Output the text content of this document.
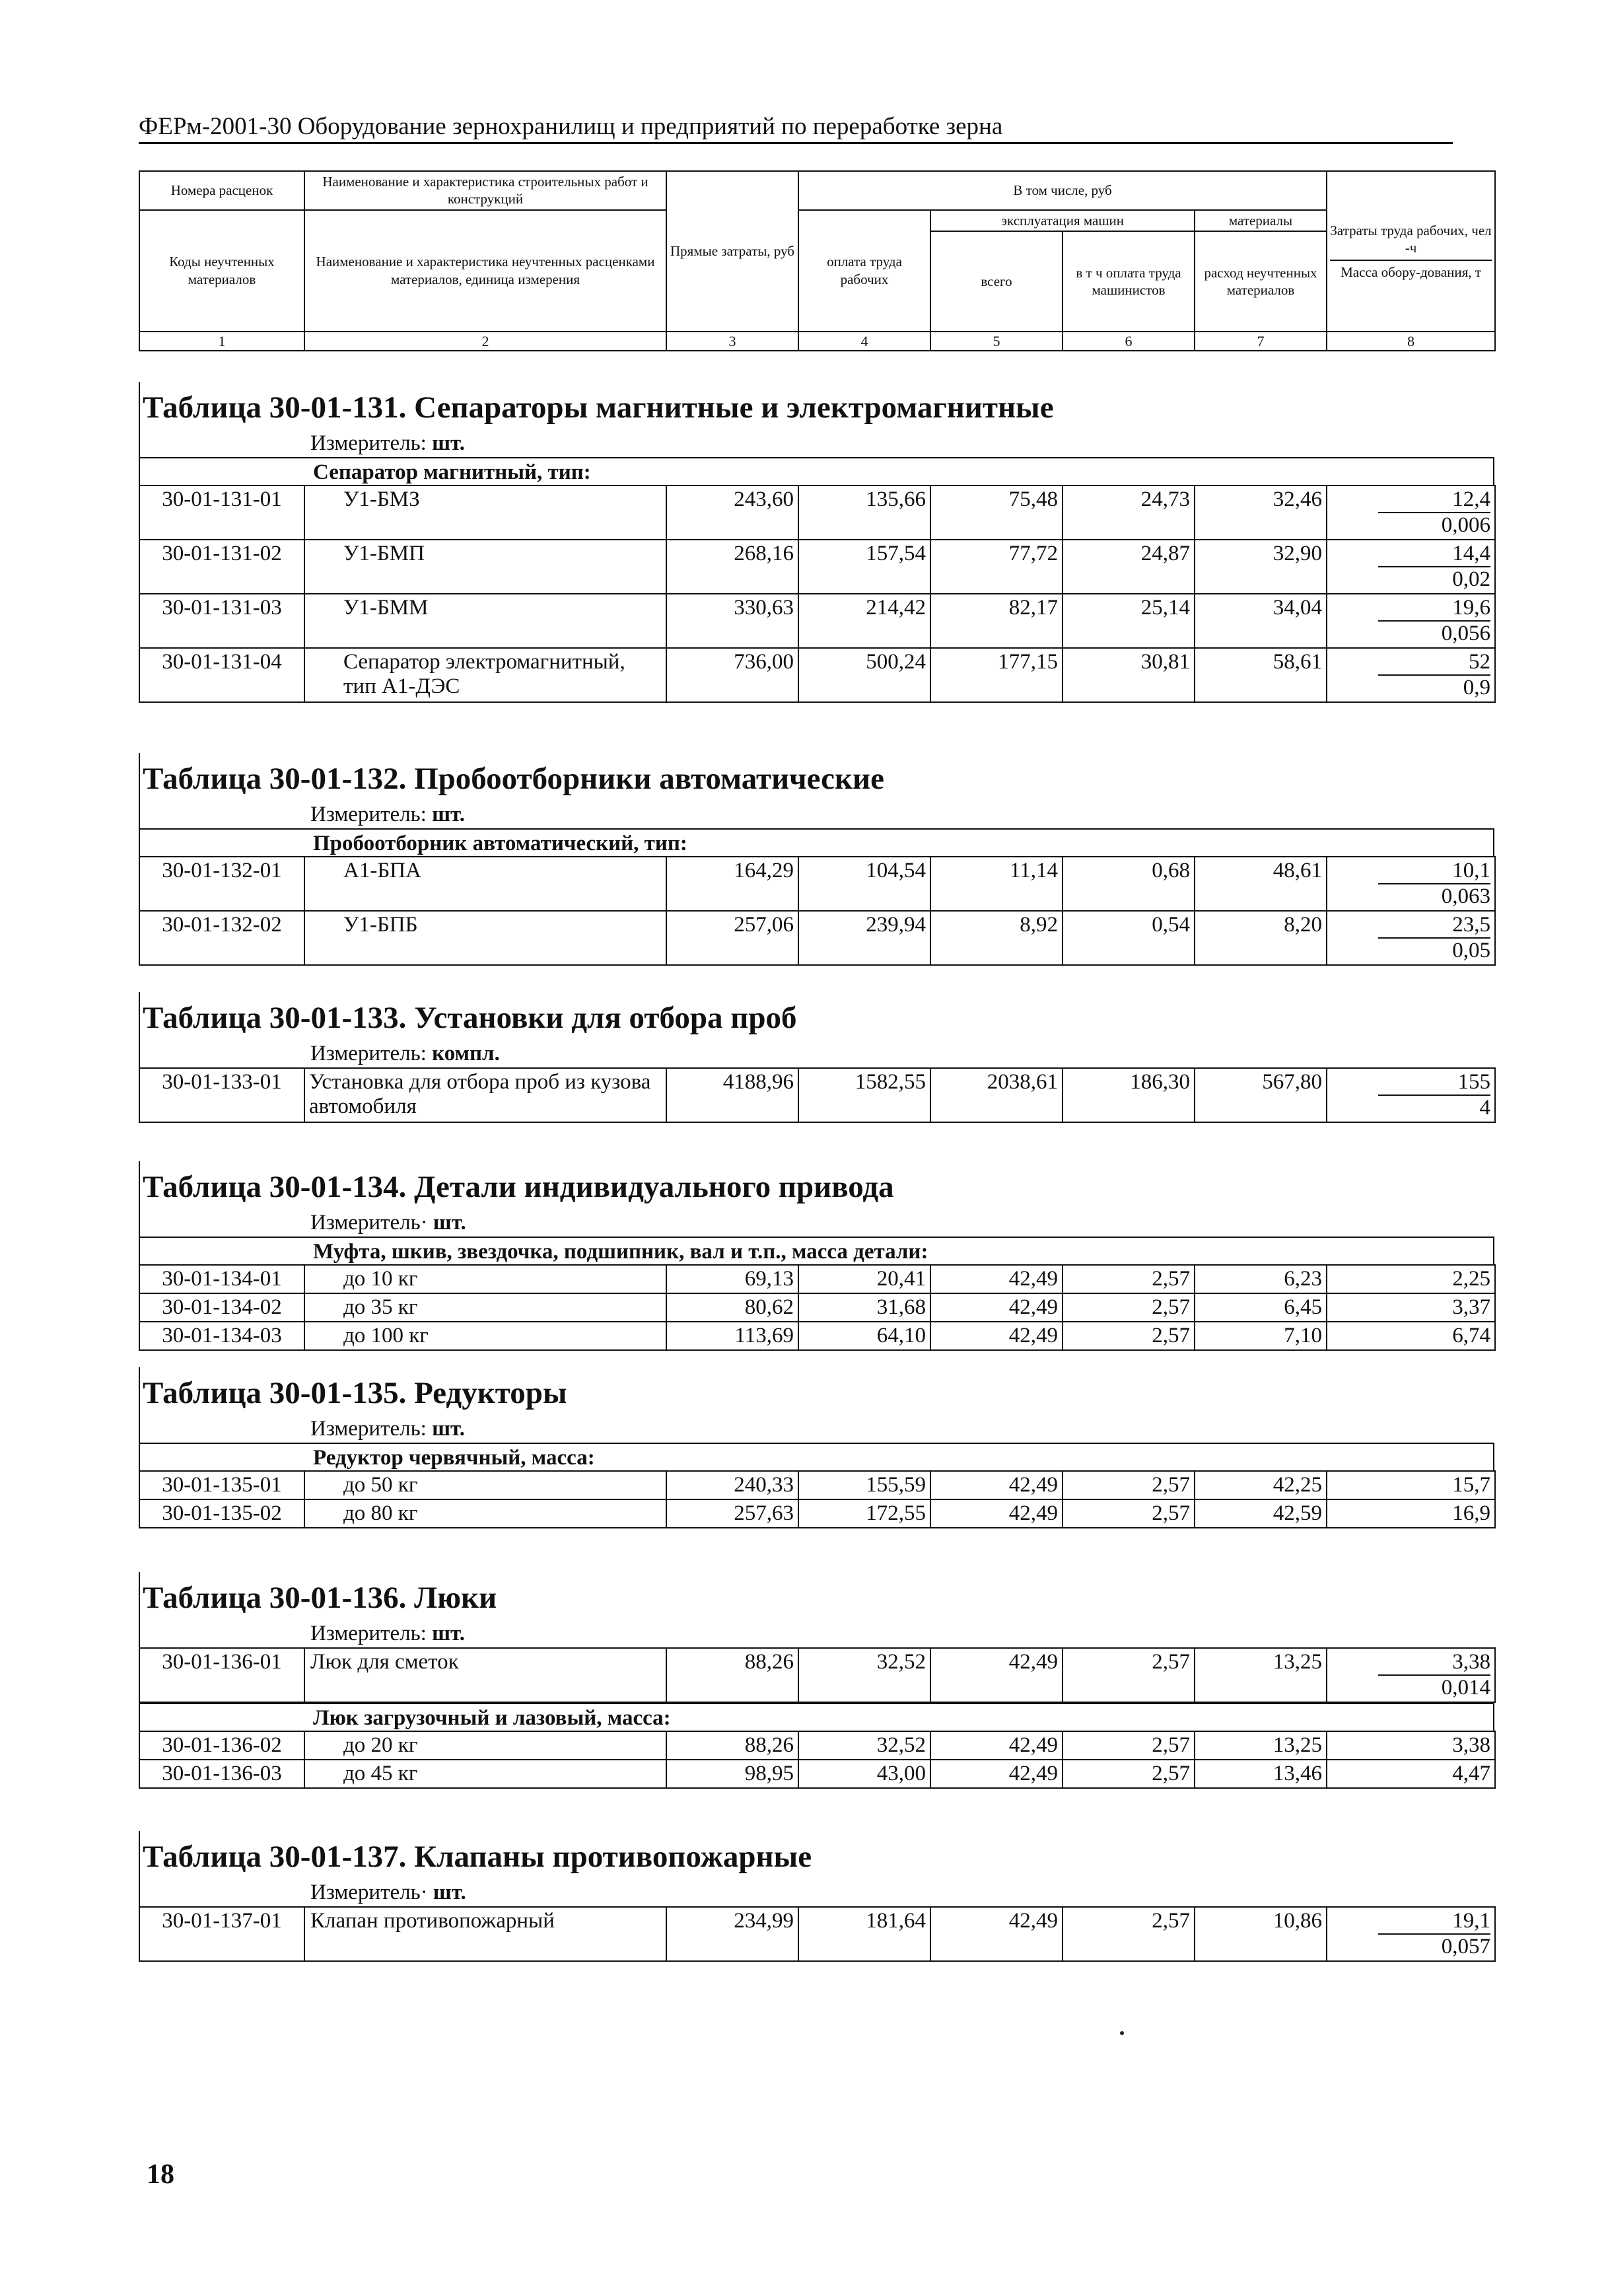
ФЕРм-2001-30 Оборудование зернохранилищ и предприятий по переработке зерна
Номера расценок	Наименование и характеристика строительных работ и конструкций	Прямые затраты, руб	В том числе, руб				Затраты труда рабочих, чел -ч
Масса обору-дования, т

Коды неучтенных материалов	Наименование и характеристика неучтенных расценками материалов, единица измерения		оплата труда рабочих	эксплуатация машин		материалы	
				всего	в т ч оплата труда машинистов	расход неучтенных материалов	
1	2	3	4	5	6	7	8
Таблица 30-01-131. Сепараторы магнитные и электромагнитные
Измеритель: шт.
Сепаратор магнитный, тип:
30-01-131-01	У1-БМЗ	243,60	135,66	75,48	24,73	32,46	12,4
0,006

30-01-131-02	У1-БМП	268,16	157,54	77,72	24,87	32,90	14,4
0,02

30-01-131-03	У1-БММ	330,63	214,42	82,17	25,14	34,04	19,6
0,056

30-01-131-04	Сепаратор электромагнитный, тип А1-ДЭС	736,00	500,24	177,15	30,81	58,61	52
0,9
Таблица 30-01-132. Пробоотборники автоматические
Измеритель: шт.
Пробоотборник автоматический, тип:
30-01-132-01	А1-БПА	164,29	104,54	11,14	0,68	48,61	10,1
0,063

30-01-132-02	У1-БПБ	257,06	239,94	8,92	0,54	8,20	23,5
0,05
Таблица 30-01-133. Установки для отбора проб
Измеритель: компл.
30-01-133-01	Установка для отбора проб из кузова автомобиля	4188,96	1582,55	2038,61	186,30	567,80	155
4
Таблица 30-01-134. Детали индивидуального привода
Измеритель· шт.
Муфта, шкив, звездочка, подшипник, вал и т.п., масса детали:
30-01-134-01	до 10 кг	69,13	20,41	42,49	2,57	6,23	2,25
30-01-134-02	до 35 кг	80,62	31,68	42,49	2,57	6,45	3,37
30-01-134-03	до 100 кг	113,69	64,10	42,49	2,57	7,10	6,74
Таблица 30-01-135. Редукторы
Измеритель: шт.
Редуктор червячный, масса:
30-01-135-01	до 50 кг	240,33	155,59	42,49	2,57	42,25	15,7
30-01-135-02	до 80 кг	257,63	172,55	42,49	2,57	42,59	16,9
Таблица 30-01-136. Люки
Измеритель: шт.
30-01-136-01	Люк для сметок	88,26	32,52	42,49	2,57	13,25	3,38
0,014
Люк загрузочный и лазовый, масса:
30-01-136-02	до 20 кг	88,26	32,52	42,49	2,57	13,25	3,38
30-01-136-03	до 45 кг	98,95	43,00	42,49	2,57	13,46	4,47
Таблица 30-01-137. Клапаны противопожарные
Измеритель· шт.
30-01-137-01	Клапан противопожарный	234,99	181,64	42,49	2,57	10,86	19,1
0,057
18
